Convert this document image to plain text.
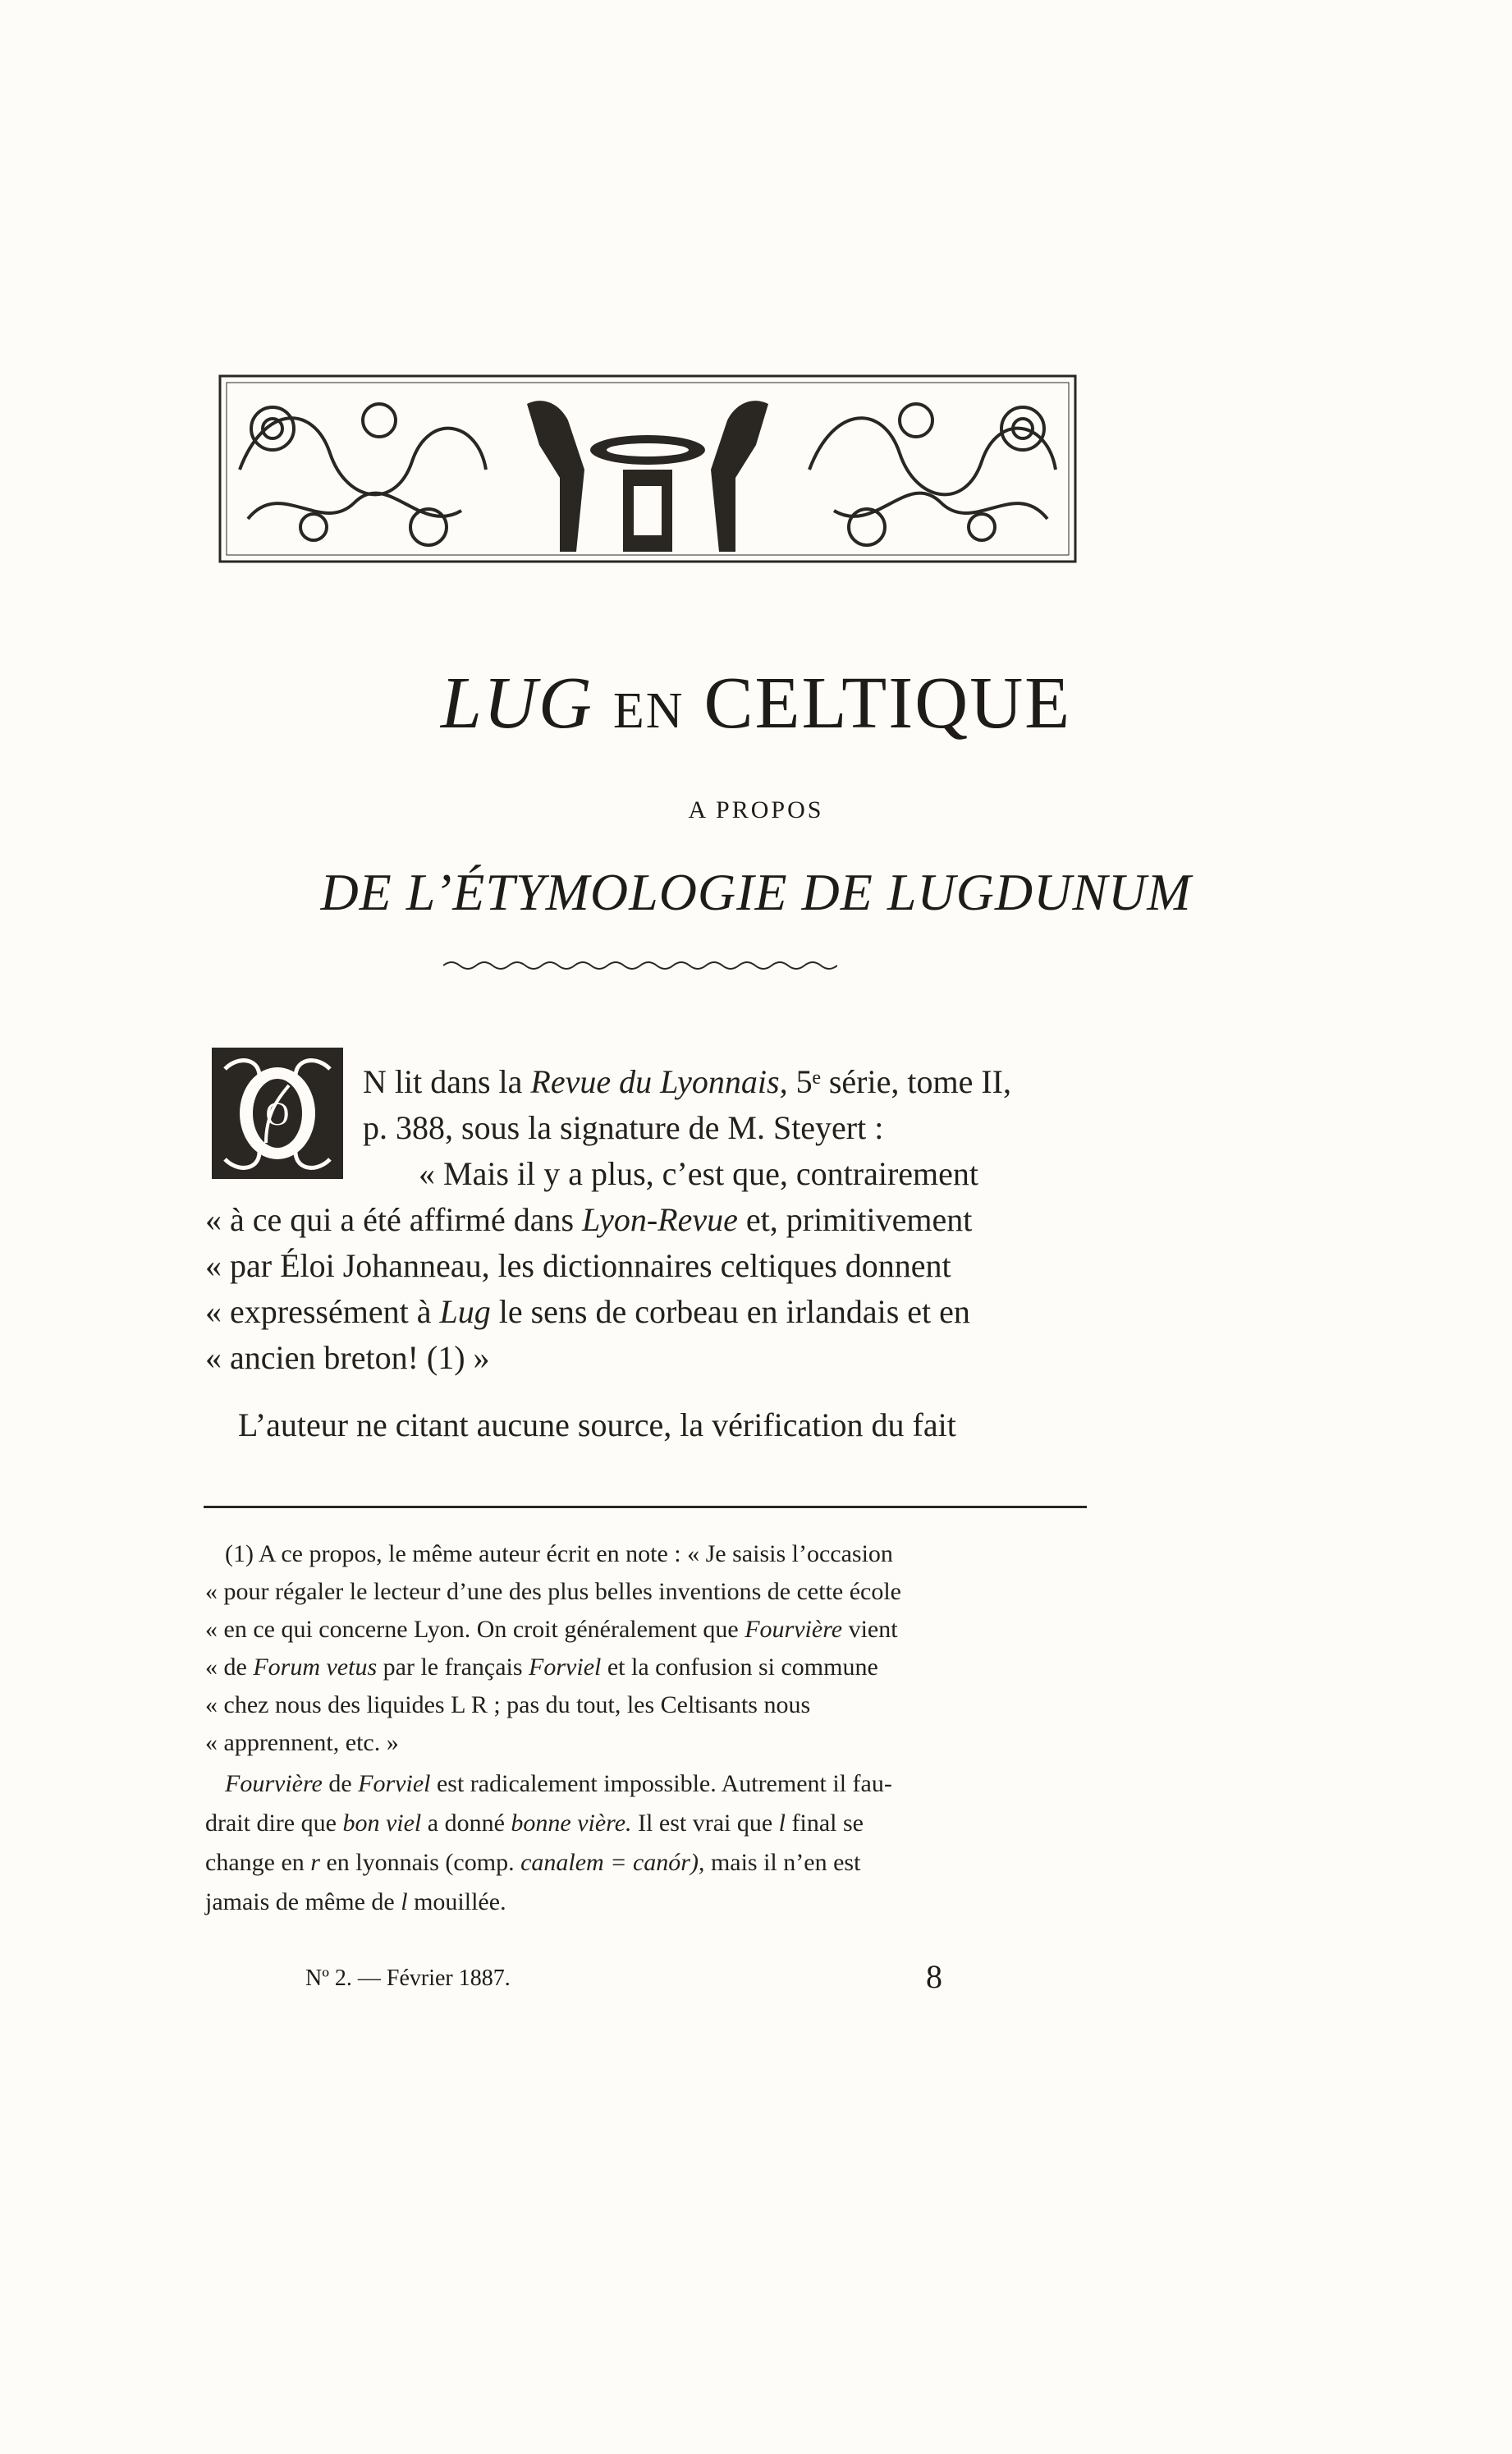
LUG EN CELTIQUE
A PROPOS
DE L’ÉTYMOLOGIE DE LUGDUNUM
O
N lit dans la Revue du Lyonnais, 5ᵉ série, tome II,
p. 388, sous la signature de M. Steyert :
« Mais il y a plus, c’est que, contrairement
« à ce qui a été affirmé dans Lyon-Revue et, primitivement
« par Éloi Johanneau, les dictionnaires celtiques donnent
« expressément à Lug le sens de corbeau en irlandais et en
« ancien breton! (1) »
L’auteur ne citant aucune source, la vérification du fait
(1) A ce propos, le même auteur écrit en note : « Je saisis l’occasion
« pour régaler le lecteur d’une des plus belles inventions de cette école
« en ce qui concerne Lyon. On croit généralement que Fourvière vient
« de Forum vetus par le français Forviel et la confusion si commune
« chez nous des liquides L R ; pas du tout, les Celtisants nous
« apprennent, etc. »
Fourvière de Forviel est radicalement impossible. Autrement il fau-
drait dire que bon viel a donné bonne vière. Il est vrai que l final se
change en r en lyonnais (comp. canalem = canór), mais il n’en est
jamais de même de l mouillée.
Nº 2. — Février 1887.	8
